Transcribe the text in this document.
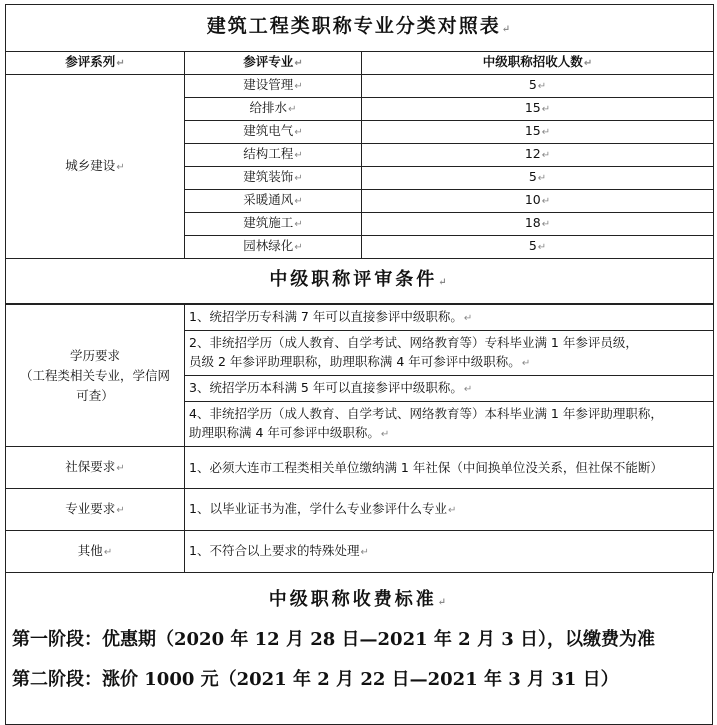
建筑工程类职称专业分类对照表↵		
参评系列↵	参评专业↵	中级职称招收人数↵
城乡建设↵	建设管理↵	5↵
	给排水↵	15↵
	建筑电气↵	15↵
	结构工程↵	12↵
	建筑装饰↵	5↵
	采暖通风↵	10↵
	建筑施工↵	18↵
	园林绿化↵	5↵
中级职称评审条件↵		
学历要求
（工程类相关专业，学信网
可查）	1、统招学历专科满 7 年可以直接参评中级职称。↵

	2、非统招学历（成人教育、自学考试、网络教育等）专科毕业满 1 年参评员级，
员级 2 年参评助理职称，助理职称满 4 年可参评中级职称。↵

	3、统招学历本科满 5 年可以直接参评中级职称。↵

	4、非统招学历（成人教育、自学考试、网络教育等）本科毕业满 1 年参评助理职称，
助理职称满 4 年可参评中级职称。↵

社保要求↵	1、必须大连市工程类相关单位缴纳满 1 年社保（中间换单位没关系，但社保不能断）
专业要求↵	1、以毕业证书为准，学什么专业参评什么专业↵
其他↵	1、不符合以上要求的特殊处理↵
中级职称收费标准↵
第一阶段：优惠期（2020 年 12 月 28 日—2021 年 2 月 3 日），以缴费为准
第二阶段：涨价 1000 元（2021 年 2 月 22 日—2021 年 3 月 31 日）
